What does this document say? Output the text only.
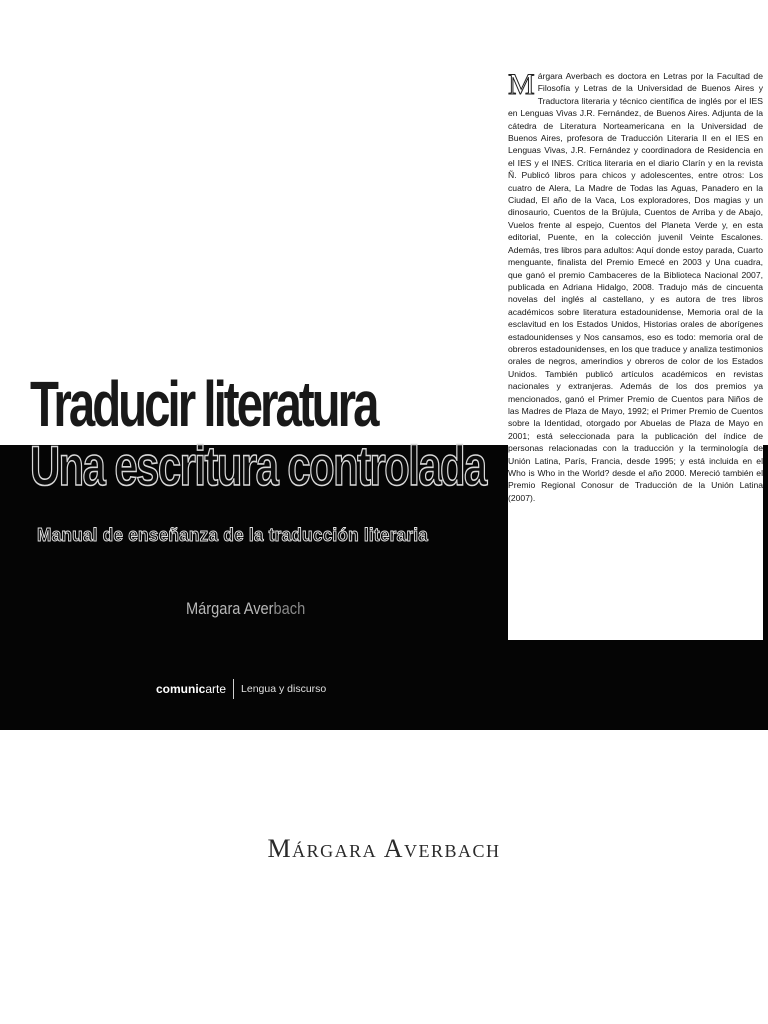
Traducir literatura
Una escritura controlada
Manual de enseñanza de la traducción literaria
Márgara Averbach
comunicarte Lengua y discurso
M árgara Averbach es doctora en Letras por la Facultad de Filosofía y Letras de la Universidad de Buenos Aires y Traductora literaria y técnico científica de inglés por el IES en Lenguas Vivas J.R. Fernández, de Buenos Aires. Adjunta de la cátedra de Literatura Norteamericana en la Universidad de Buenos Aires, profesora de Traducción Literaria II en el IES en Lenguas Vivas, J.R. Fernández y coordinadora de Residencia en el IES y el INES. Crítica literaria en el diario Clarín y en la revista Ñ. Publicó libros para chicos y adolescentes, entre otros: Los cuatro de Alera, La Madre de Todas las Aguas, Panadero en la Ciudad, El año de la Vaca, Los exploradores, Dos magias y un dinosaurio, Cuentos de la Brújula, Cuentos de Arriba y de Abajo, Vuelos frente al espejo, Cuentos del Planeta Verde y, en esta editorial, Puente, en la colección juvenil Veinte Escalones. Además, tres libros para adultos: Aquí donde estoy parada, Cuarto menguante, finalista del Premio Emecé en 2003 y Una cuadra, que ganó el premio Cambaceres de la Biblioteca Nacional 2007, publicada en Adriana Hidalgo, 2008. Tradujo más de cincuenta novelas del inglés al castellano, y es autora de tres libros académicos sobre literatura estadounidense, Memoria oral de la esclavitud en los Estados Unidos, Historias orales de aborígenes estadounidenses y Nos cansamos, eso es todo: memoria oral de obreros estadounidenses, en los que traduce y analiza testimonios orales de negros, amerindios y obreros de color de los Estados Unidos. También publicó artículos académicos en revistas nacionales y extranjeras. Además de los dos premios ya mencionados, ganó el Primer Premio de Cuentos para Niños de las Madres de Plaza de Mayo, 1992; el Primer Premio de Cuentos sobre la Identidad, otorgado por Abuelas de Plaza de Mayo en 2001; está seleccionada para la publicación del índice de personas relacionadas con la traducción y la terminología de Unión Latina, París, Francia, desde 1995; y está incluida en el Who is Who in the World? desde el año 2000. Mereció también el Premio Regional Conosur de Traducción de la Unión Latina (2007).

Márgara Averbach
